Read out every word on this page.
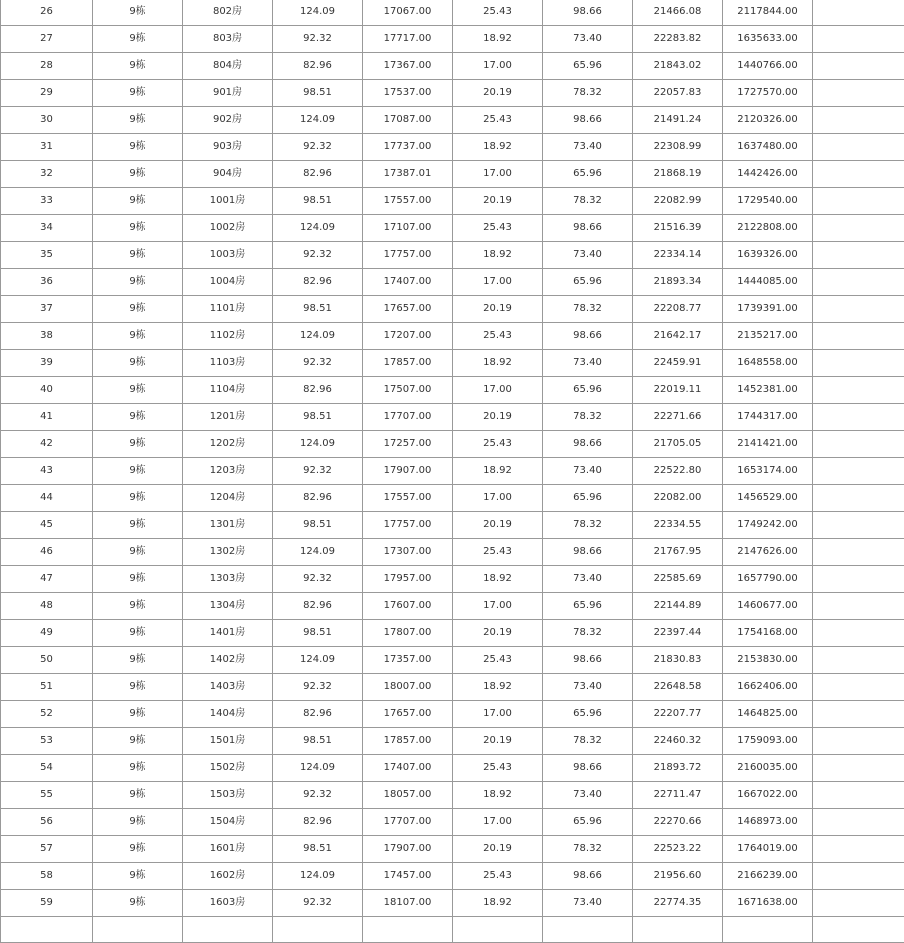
26	9栋	802房	124.09	17067.00	25.43	98.66	21466.08	2117844.00	
27	9栋	803房	92.32	17717.00	18.92	73.40	22283.82	1635633.00	
28	9栋	804房	82.96	17367.00	17.00	65.96	21843.02	1440766.00	
29	9栋	901房	98.51	17537.00	20.19	78.32	22057.83	1727570.00	
30	9栋	902房	124.09	17087.00	25.43	98.66	21491.24	2120326.00	
31	9栋	903房	92.32	17737.00	18.92	73.40	22308.99	1637480.00	
32	9栋	904房	82.96	17387.01	17.00	65.96	21868.19	1442426.00	
33	9栋	1001房	98.51	17557.00	20.19	78.32	22082.99	1729540.00	
34	9栋	1002房	124.09	17107.00	25.43	98.66	21516.39	2122808.00	
35	9栋	1003房	92.32	17757.00	18.92	73.40	22334.14	1639326.00	
36	9栋	1004房	82.96	17407.00	17.00	65.96	21893.34	1444085.00	
37	9栋	1101房	98.51	17657.00	20.19	78.32	22208.77	1739391.00	
38	9栋	1102房	124.09	17207.00	25.43	98.66	21642.17	2135217.00	
39	9栋	1103房	92.32	17857.00	18.92	73.40	22459.91	1648558.00	
40	9栋	1104房	82.96	17507.00	17.00	65.96	22019.11	1452381.00	
41	9栋	1201房	98.51	17707.00	20.19	78.32	22271.66	1744317.00	
42	9栋	1202房	124.09	17257.00	25.43	98.66	21705.05	2141421.00	
43	9栋	1203房	92.32	17907.00	18.92	73.40	22522.80	1653174.00	
44	9栋	1204房	82.96	17557.00	17.00	65.96	22082.00	1456529.00	
45	9栋	1301房	98.51	17757.00	20.19	78.32	22334.55	1749242.00	
46	9栋	1302房	124.09	17307.00	25.43	98.66	21767.95	2147626.00	
47	9栋	1303房	92.32	17957.00	18.92	73.40	22585.69	1657790.00	
48	9栋	1304房	82.96	17607.00	17.00	65.96	22144.89	1460677.00	
49	9栋	1401房	98.51	17807.00	20.19	78.32	22397.44	1754168.00	
50	9栋	1402房	124.09	17357.00	25.43	98.66	21830.83	2153830.00	
51	9栋	1403房	92.32	18007.00	18.92	73.40	22648.58	1662406.00	
52	9栋	1404房	82.96	17657.00	17.00	65.96	22207.77	1464825.00	
53	9栋	1501房	98.51	17857.00	20.19	78.32	22460.32	1759093.00	
54	9栋	1502房	124.09	17407.00	25.43	98.66	21893.72	2160035.00	
55	9栋	1503房	92.32	18057.00	18.92	73.40	22711.47	1667022.00	
56	9栋	1504房	82.96	17707.00	17.00	65.96	22270.66	1468973.00	
57	9栋	1601房	98.51	17907.00	20.19	78.32	22523.22	1764019.00	
58	9栋	1602房	124.09	17457.00	25.43	98.66	21956.60	2166239.00	
59	9栋	1603房	92.32	18107.00	18.92	73.40	22774.35	1671638.00	
